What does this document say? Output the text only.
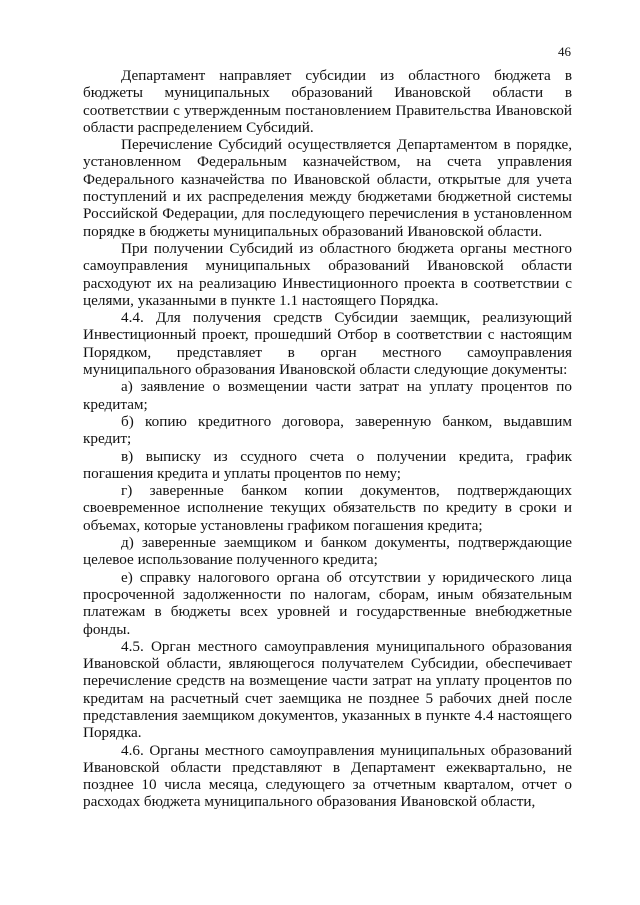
46

Департамент направляет субсидии из областного бюджета в бюджеты муниципальных образований Ивановской области в соответствии с утвержденным постановлением Правительства Ивановской области распределением Субсидий.

Перечисление Субсидий осуществляется Департаментом в порядке, установленном Федеральным казначейством, на счета управления Федерального казначейства по Ивановской области, открытые для учета поступлений и их распределения между бюджетами бюджетной системы Российской Федерации, для последующего перечисления в установленном порядке в бюджеты муниципальных образований Ивановской области.

При получении Субсидий из областного бюджета органы местного самоуправления муниципальных образований Ивановской области расходуют их на реализацию Инвестиционного проекта в соответствии с целями, указанными в пункте 1.1 настоящего Порядка.

4.4. Для получения средств Субсидии заемщик, реализующий Инвестиционный проект, прошедший Отбор в соответствии с настоящим Порядком, представляет в орган местного самоуправления муниципального образования Ивановской области следующие документы:

а) заявление о возмещении части затрат на уплату процентов по кредитам;

б) копию кредитного договора, заверенную банком, выдавшим кредит;

в) выписку из ссудного счета о получении кредита, график погашения кредита и уплаты процентов по нему;

г) заверенные банком копии документов, подтверждающих своевременное исполнение текущих обязательств по кредиту в сроки и объемах, которые установлены графиком погашения кредита;

д) заверенные заемщиком и банком документы, подтверждающие целевое использование полученного кредита;

е) справку налогового органа об отсутствии у юридического лица просроченной задолженности по налогам, сборам, иным обязательным платежам в бюджеты всех уровней и государственные внебюджетные фонды.

4.5. Орган местного самоуправления муниципального образования Ивановской области, являющегося получателем Субсидии, обеспечивает перечисление средств на возмещение части затрат на уплату процентов по кредитам на расчетный счет заемщика не позднее 5 рабочих дней после представления заемщиком документов, указанных в пункте 4.4 настоящего Порядка.

4.6. Органы местного самоуправления муниципальных образований Ивановской области представляют в Департамент ежеквартально, не позднее 10 числа месяца, следующего за отчетным кварталом, отчет о расходах бюджета муниципального образования Ивановской области,
